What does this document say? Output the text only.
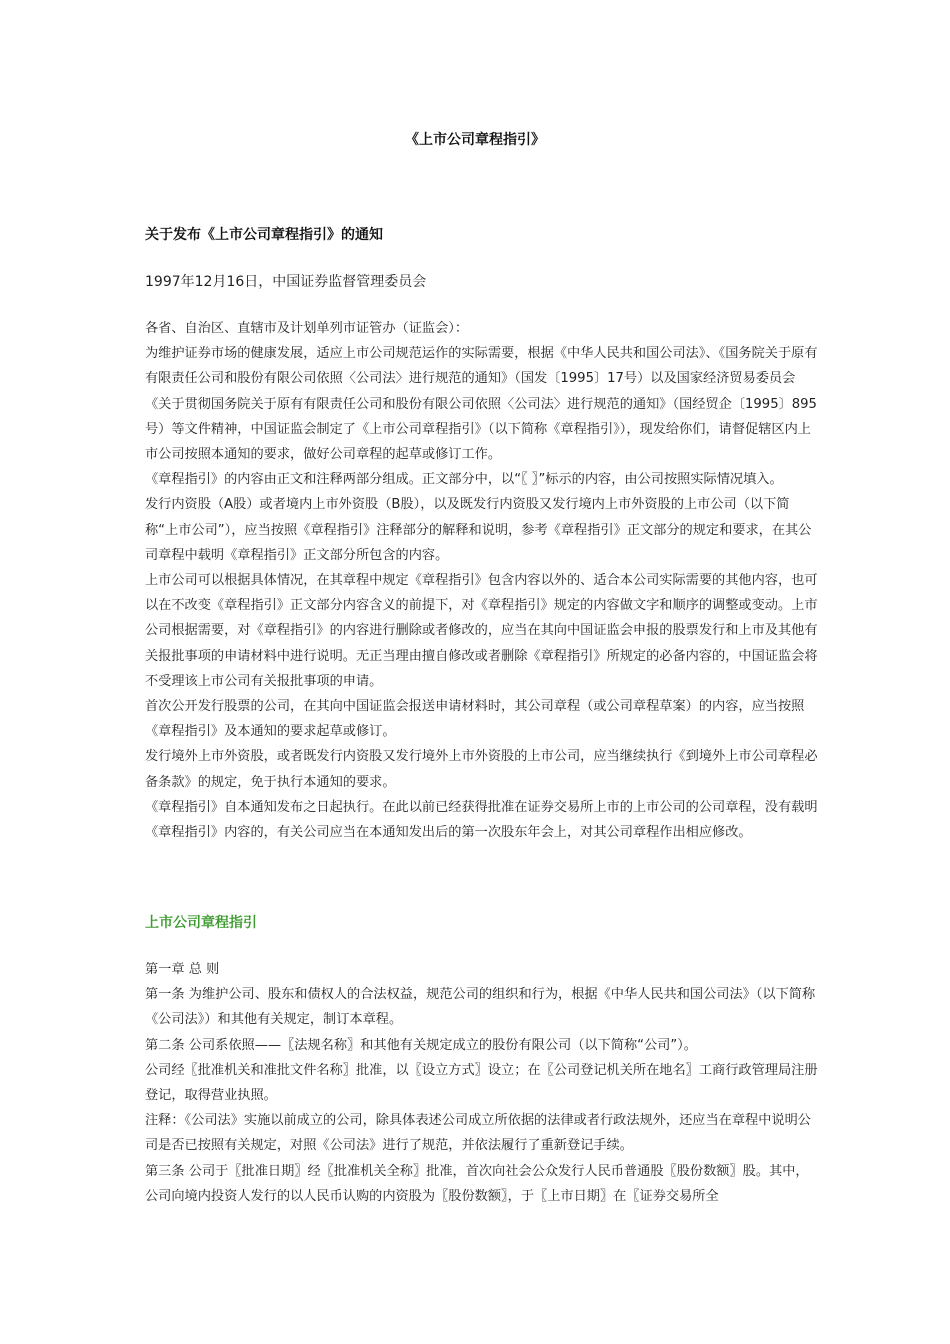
《上市公司章程指引》
关于发布《上市公司章程指引》的通知
1997年12月16日，中国证券监督管理委员会

各省、自治区、直辖市及计划单列市证管办（证监会）：

为维护证券市场的健康发展，适应上市公司规范运作的实际需要，根据《中华人民共和国公司法》、《国务院关于原有有限责任公司和股份有限公司依照〈公司法〉进行规范的通知》（国发〔1995〕17号）以及国家经济贸易委员会《关于贯彻国务院关于原有有限责任公司和股份有限公司依照〈公司法〉进行规范的通知》（国经贸企〔1995〕895号）等文件精神，中国证监会制定了《上市公司章程指引》（以下简称《章程指引》），现发给你们，请督促辖区内上市公司按照本通知的要求，做好公司章程的起草或修订工作。

《章程指引》的内容由正文和注释两部分组成。正文部分中，以“〖 〗”标示的内容，由公司按照实际情况填入。

发行内资股（A股）或者境内上市外资股（B股），以及既发行内资股又发行境内上市外资股的上市公司（以下简称“上市公司”），应当按照《章程指引》注释部分的解释和说明，参考《章程指引》正文部分的规定和要求，在其公司章程中载明《章程指引》正文部分所包含的内容。

上市公司可以根据具体情况，在其章程中规定《章程指引》包含内容以外的、适合本公司实际需要的其他内容，也可以在不改变《章程指引》正文部分内容含义的前提下，对《章程指引》规定的内容做文字和顺序的调整或变动。上市公司根据需要，对《章程指引》的内容进行删除或者修改的，应当在其向中国证监会申报的股票发行和上市及其他有关报批事项的申请材料中进行说明。无正当理由擅自修改或者删除《章程指引》所规定的必备内容的，中国证监会将不受理该上市公司有关报批事项的申请。

首次公开发行股票的公司，在其向中国证监会报送申请材料时，其公司章程（或公司章程草案）的内容，应当按照《章程指引》及本通知的要求起草或修订。

发行境外上市外资股，或者既发行内资股又发行境外上市外资股的上市公司，应当继续执行《到境外上市公司章程必备条款》的规定，免于执行本通知的要求。

《章程指引》自本通知发布之日起执行。在此以前已经获得批准在证券交易所上市的上市公司的公司章程，没有载明《章程指引》内容的，有关公司应当在本通知发出后的第一次股东年会上，对其公司章程作出相应修改。

上市公司章程指引

第一章 总 则

第一条 为维护公司、股东和债权人的合法权益，规范公司的组织和行为，根据《中华人民共和国公司法》（以下简称《公司法》）和其他有关规定，制订本章程。

第二条 公司系依照——〖法规名称〗和其他有关规定成立的股份有限公司（以下简称“公司”）。

公司经〖批准机关和准批文件名称〗批准，以〖设立方式〗设立；在〖公司登记机关所在地名〗工商行政管理局注册登记，取得营业执照。

注释：《公司法》实施以前成立的公司，除具体表述公司成立所依据的法律或者行政法规外，还应当在章程中说明公司是否已按照有关规定，对照《公司法》进行了规范，并依法履行了重新登记手续。

第三条 公司于〖批准日期〗经〖批准机关全称〗批准，首次向社会公众发行人民币普通股〖股份数额〗股。其中，公司向境内投资人发行的以人民币认购的内资股为〖股份数额〗，于〖上市日期〗在〖证券交易所全
